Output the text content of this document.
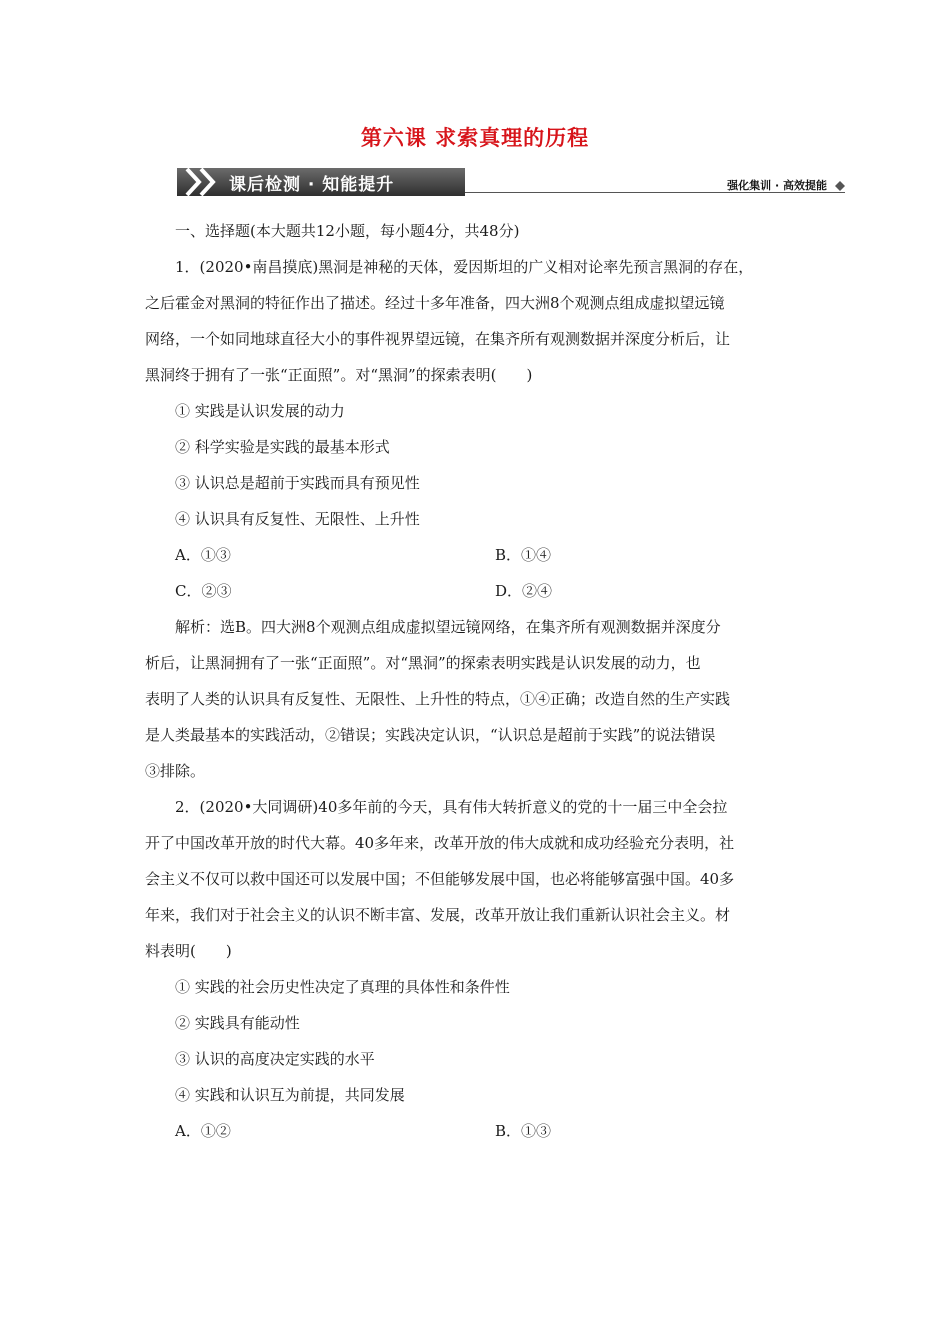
第六课 求索真理的历程
课后检测 · 知能提升	强化集训 · 高效提能
一、选择题(本大题共12小题，每小题4分，共48分)
1．(2020•南昌摸底)黑洞是神秘的天体，爱因斯坦的广义相对论率先预言黑洞的存在，
之后霍金对黑洞的特征作出了描述。经过十多年准备，四大洲8个观测点组成虚拟望远镜
网络，一个如同地球直径大小的事件视界望远镜，在集齐所有观测数据并深度分析后，让
黑洞终于拥有了一张“正面照”。对“黑洞”的探索表明(　　)
① 实践是认识发展的动力
② 科学实验是实践的最基本形式
③ 认识总是超前于实践而具有预见性
④ 认识具有反复性、无限性、上升性
A．①③	B．①④
C．②③	D．②④
解析：选B。四大洲8个观测点组成虚拟望远镜网络，在集齐所有观测数据并深度分
析后，让黑洞拥有了一张“正面照”。对“黑洞”的探索表明实践是认识发展的动力，也
表明了人类的认识具有反复性、无限性、上升性的特点，①④正确；改造自然的生产实践
是人类最基本的实践活动，②错误；实践决定认识，“认识总是超前于实践”的说法错误
③排除。
2．(2020•大同调研)40多年前的今天，具有伟大转折意义的党的十一届三中全会拉
开了中国改革开放的时代大幕。40多年来，改革开放的伟大成就和成功经验充分表明，社
会主义不仅可以救中国还可以发展中国；不但能够发展中国，也必将能够富强中国。40多
年来，我们对于社会主义的认识不断丰富、发展，改革开放让我们重新认识社会主义。材
料表明(　　)
① 实践的社会历史性决定了真理的具体性和条件性
② 实践具有能动性
③ 认识的高度决定实践的水平
④ 实践和认识互为前提，共同发展
A．①②	B．①③
